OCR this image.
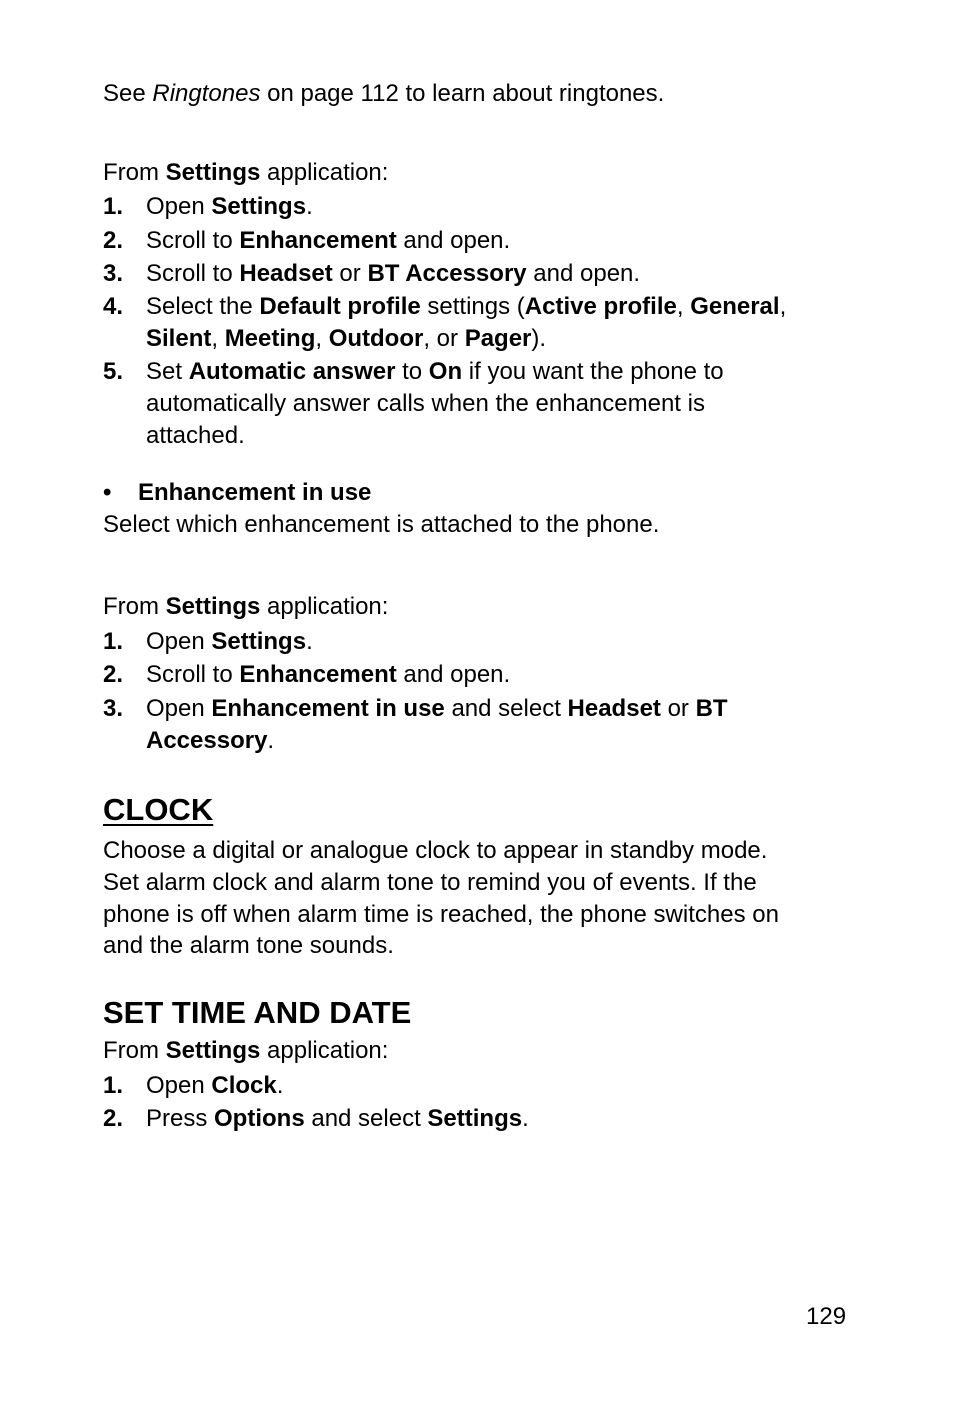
See Ringtones on page 112 to learn about ringtones.
From Settings application:
1. Open Settings.
2. Scroll to Enhancement and open.
3. Scroll to Headset or BT Accessory and open.
4. Select the Default profile settings (Active profile, General,
Silent, Meeting, Outdoor, or Pager).
5. Set Automatic answer to On if you want the phone to
automatically answer calls when the enhancement is
attached.
• Enhancement in use
Select which enhancement is attached to the phone.
From Settings application:
1. Open Settings.
2. Scroll to Enhancement and open.
3. Open Enhancement in use and select Headset or BT
Accessory.
CLOCK
Choose a digital or analogue clock to appear in standby mode.
Set alarm clock and alarm tone to remind you of events. If the
phone is off when alarm time is reached, the phone switches on
and the alarm tone sounds.
SET TIME AND DATE
From Settings application:
1. Open Clock.
2. Press Options and select Settings.
129
